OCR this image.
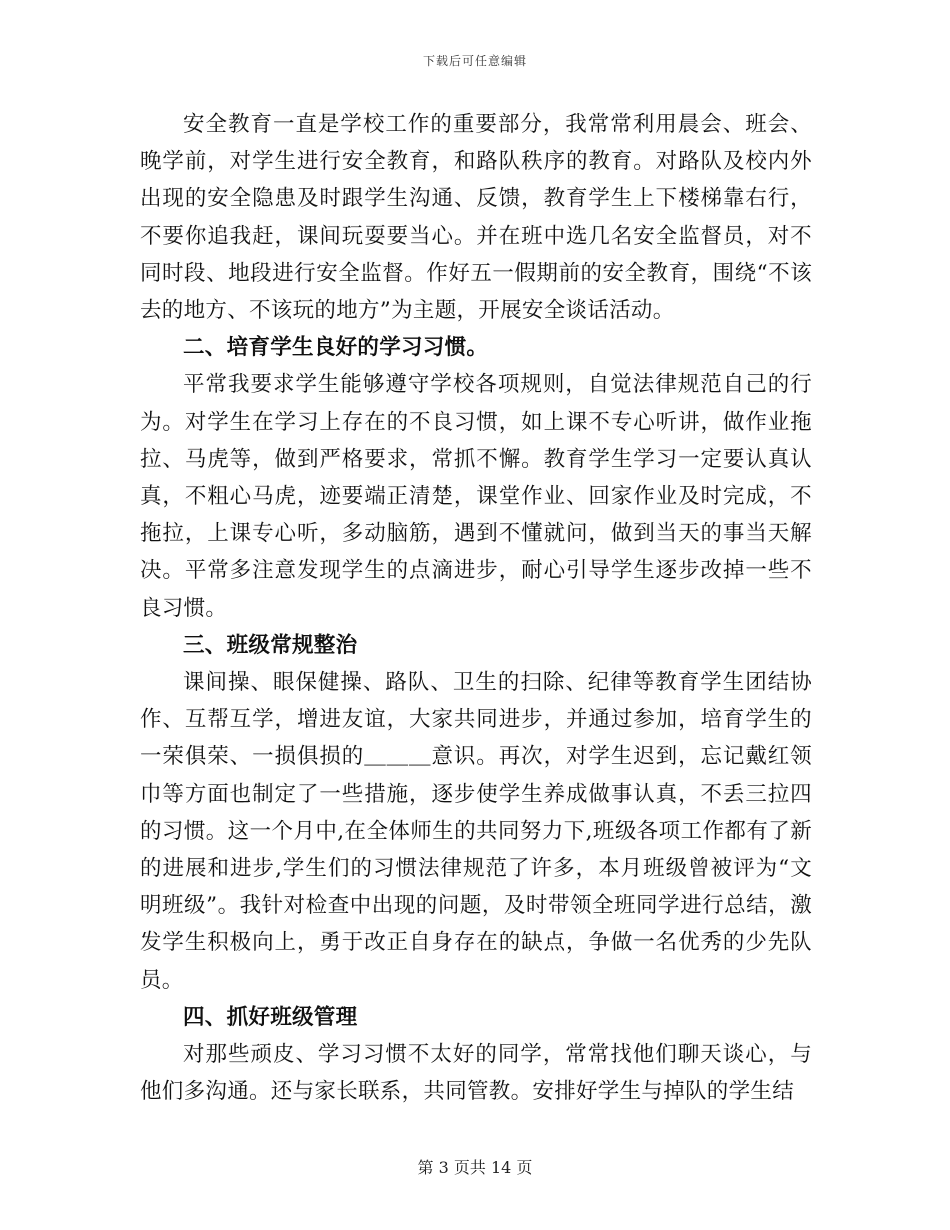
下载后可任意编辑

安全教育一直是学校工作的重要部分，我常常利用晨会、班会、晚学前，对学生进行安全教育，和路队秩序的教育。对路队及校内外出现的安全隐患及时跟学生沟通、反馈，教育学生上下楼梯靠右行，不要你追我赶，课间玩耍要当心。并在班中选几名安全监督员，对不同时段、地段进行安全监督。作好五一假期前的安全教育，围绕“不该去的地方、不该玩的地方”为主题，开展安全谈话活动。

二、培育学生良好的学习习惯。

平常我要求学生能够遵守学校各项规则，自觉法律规范自己的行为。对学生在学习上存在的不良习惯，如上课不专心听讲，做作业拖拉、马虎等，做到严格要求，常抓不懈。教育学生学习一定要认真认真，不粗心马虎，迹要端正清楚，课堂作业、回家作业及时完成，不拖拉，上课专心听，多动脑筋，遇到不懂就问，做到当天的事当天解决。平常多注意发现学生的点滴进步，耐心引导学生逐步改掉一些不良习惯。

三、班级常规整治

课间操、眼保健操、路队、卫生的扫除、纪律等教育学生团结协作、互帮互学，增进友谊，大家共同进步，并通过参加，培育学生的一荣俱荣、一损俱损的＿＿＿意识。再次，对学生迟到，忘记戴红领巾等方面也制定了一些措施，逐步使学生养成做事认真，不丢三拉四的习惯。这一个月中,在全体师生的共同努力下,班级各项工作都有了新的进展和进步,学生们的习惯法律规范了许多，本月班级曾被评为“文明班级”。我针对检查中出现的问题，及时带领全班同学进行总结，激发学生积极向上，勇于改正自身存在的缺点，争做一名优秀的少先队员。

四、抓好班级管理

对那些顽皮、学习习惯不太好的同学，常常找他们聊天谈心，与他们多沟通。还与家长联系，共同管教。安排好学生与掉队的学生结

第 3 页共 14 页
